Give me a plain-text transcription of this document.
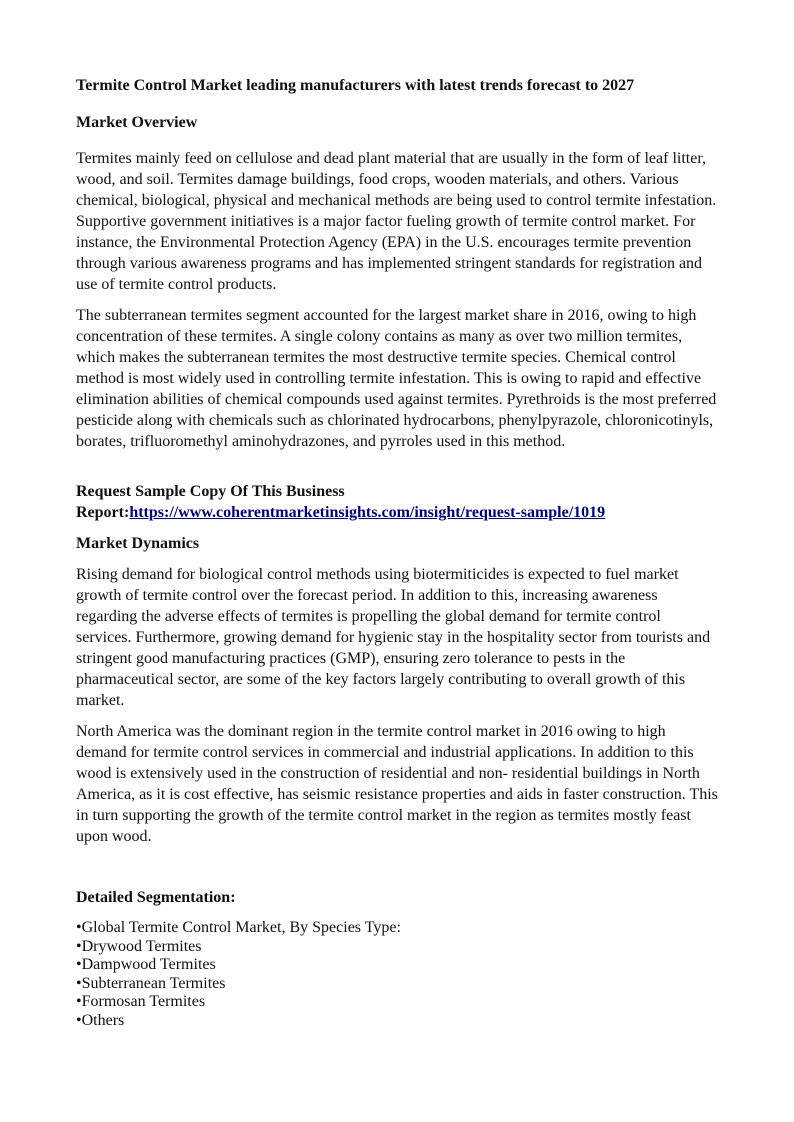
Termite Control Market leading manufacturers with latest trends forecast to 2027
Market Overview
Termites mainly feed on cellulose and dead plant material that are usually in the form of leaf litter,
wood, and soil. Termites damage buildings, food crops, wooden materials, and others. Various
chemical, biological, physical and mechanical methods are being used to control termite infestation.
Supportive government initiatives is a major factor fueling growth of termite control market. For
instance, the Environmental Protection Agency (EPA) in the U.S. encourages termite prevention
through various awareness programs and has implemented stringent standards for registration and
use of termite control products.
The subterranean termites segment accounted for the largest market share in 2016, owing to high
concentration of these termites. A single colony contains as many as over two million termites,
which makes the subterranean termites the most destructive termite species. Chemical control
method is most widely used in controlling termite infestation. This is owing to rapid and effective
elimination abilities of chemical compounds used against termites. Pyrethroids is the most preferred
pesticide along with chemicals such as chlorinated hydrocarbons, phenylpyrazole, chloronicotinyls,
borates, trifluoromethyl aminohydrazones, and pyrroles used in this method.
Request Sample Copy Of This Business
Report:https://www.coherentmarketinsights.com/insight/request-sample/1019
Market Dynamics
Rising demand for biological control methods using biotermiticides is expected to fuel market
growth of termite control over the forecast period. In addition to this, increasing awareness
regarding the adverse effects of termites is propelling the global demand for termite control
services. Furthermore, growing demand for hygienic stay in the hospitality sector from tourists and
stringent good manufacturing practices (GMP), ensuring zero tolerance to pests in the
pharmaceutical sector, are some of the key factors largely contributing to overall growth of this
market.
North America was the dominant region in the termite control market in 2016 owing to high
demand for termite control services in commercial and industrial applications. In addition to this
wood is extensively used in the construction of residential and non- residential buildings in North
America, as it is cost effective, has seismic resistance properties and aids in faster construction. This
in turn supporting the growth of the termite control market in the region as termites mostly feast
upon wood.
Detailed Segmentation:
•Global Termite Control Market, By Species Type:
•Drywood Termites
•Dampwood Termites
•Subterranean Termites
•Formosan Termites
•Others
